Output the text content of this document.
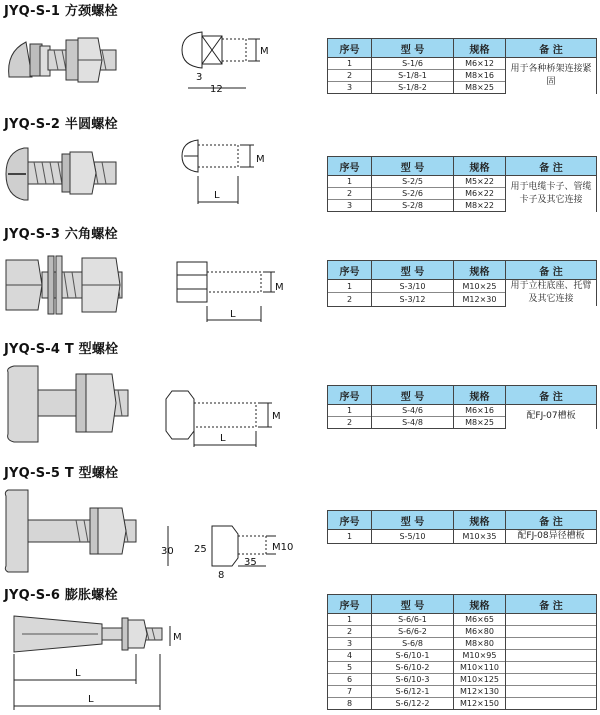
JYQ-S-1 方颈螺栓
JYQ-S-2 半圆螺栓
JYQ-S-3 六角螺栓
JYQ-S-4 T 型螺栓
JYQ-S-5 T 型螺栓
JYQ-S-6 膨胀螺栓
M
3
12
M
L
M
L
M
L
30 25	M10
35
8
M
L
L
序号	型 号	规格	备 注
1	S-1/6	M6×12	用于各种桥架连接紧固
2	S-1/8-1	M8×16	
3	S-1/8-2	M8×25	
序号	型 号	规格	备 注
1	S-2/5	M5×22	用于电缆卡子、管缆卡子及其它连接
2	S-2/6	M6×22	
3	S-2/8	M8×22	
序号	型 号	规格	备 注
1	S-3/10	M10×25	用于立柱底座、托臂及其它连接
2	S-3/12	M12×30	
序号	型 号	规格	备 注
1	S-4/6	M6×16	配FJ-07槽板
2	S-4/8	M8×25	
序号	型 号	规格	备 注
1	S-5/10	M10×35	配FJ-08异径槽板
序号	型 号	规格	备 注
1	S-6/6-1	M6×65	
2	S-6/6-2	M6×80	
3	S-6/8	M8×80	
4	S-6/10-1	M10×95	
5	S-6/10-2	M10×110	
6	S-6/10-3	M10×125	
7	S-6/12-1	M12×130	
8	S-6/12-2	M12×150	
